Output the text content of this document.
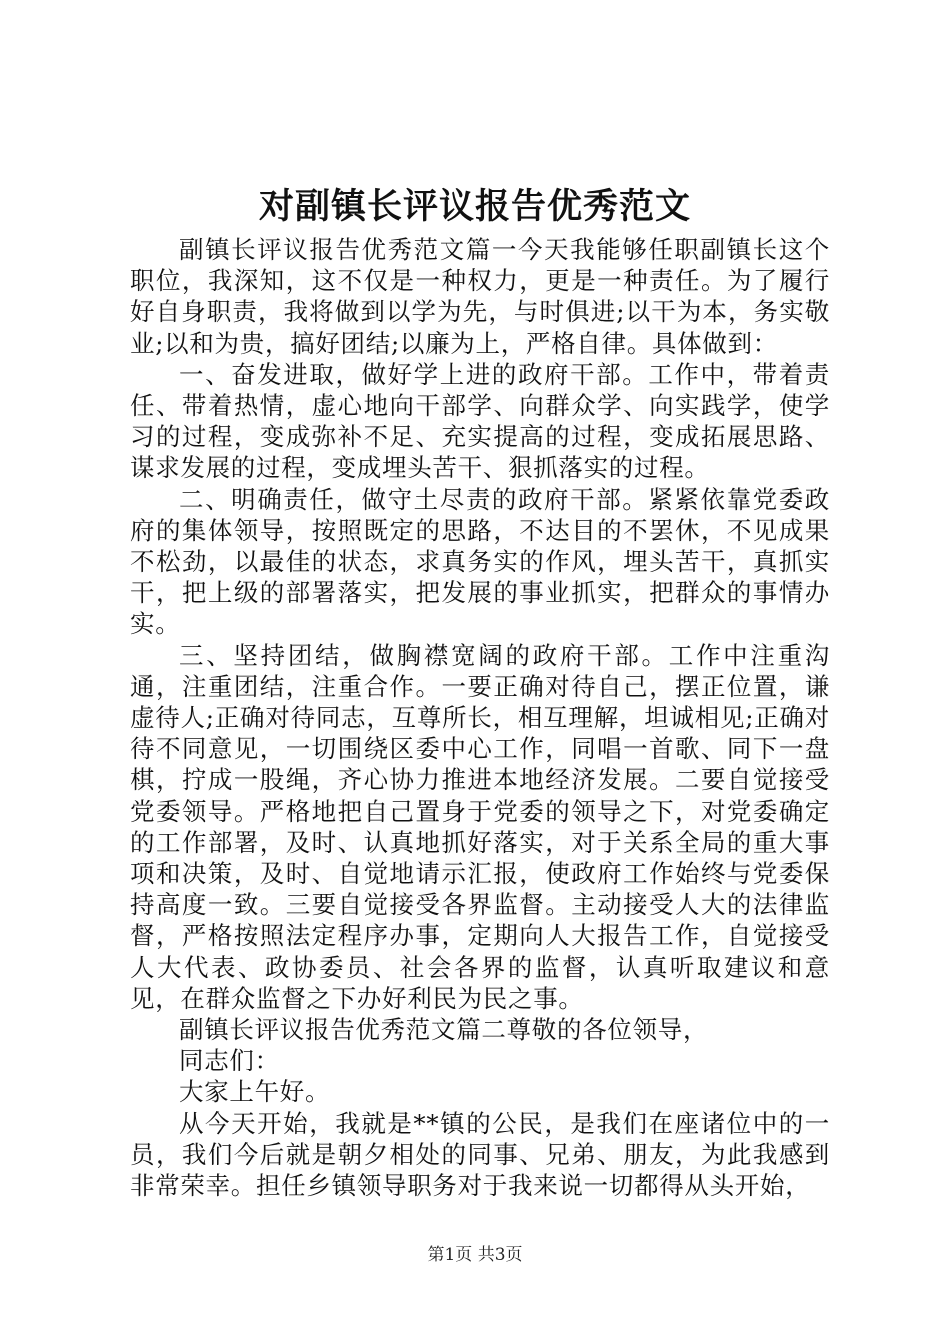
对副镇长评议报告优秀范文

副镇长评议报告优秀范文篇一今天我能够任职副镇长这个职位，我深知，这不仅是一种权力，更是一种责任。为了履行好自身职责，我将做到以学为先，与时俱进;以干为本，务实敬业;以和为贵，搞好团结;以廉为上，严格自律。具体做到：

一、奋发进取，做好学上进的政府干部。工作中，带着责任、带着热情，虚心地向干部学、向群众学、向实践学，使学习的过程，变成弥补不足、充实提高的过程，变成拓展思路、谋求发展的过程，变成埋头苦干、狠抓落实的过程。

二、明确责任，做守土尽责的政府干部。紧紧依靠党委政府的集体领导，按照既定的思路，不达目的不罢休，不见成果不松劲，以最佳的状态，求真务实的作风，埋头苦干，真抓实干，把上级的部署落实，把发展的事业抓实，把群众的事情办实。

三、坚持团结，做胸襟宽阔的政府干部。工作中注重沟通，注重团结，注重合作。一要正确对待自己，摆正位置，谦虚待人;正确对待同志，互尊所长，相互理解，坦诚相见;正确对待不同意见，一切围绕区委中心工作，同唱一首歌、同下一盘棋，拧成一股绳，齐心协力推进本地经济发展。二要自觉接受党委领导。严格地把自己置身于党委的领导之下，对党委确定的工作部署，及时、认真地抓好落实，对于关系全局的重大事项和决策，及时、自觉地请示汇报，使政府工作始终与党委保持高度一致。三要自觉接受各界监督。主动接受人大的法律监督，严格按照法定程序办事，定期向人大报告工作，自觉接受人大代表、政协委员、社会各界的监督，认真听取建议和意见，在群众监督之下办好利民为民之事。

副镇长评议报告优秀范文篇二尊敬的各位领导，

同志们：

大家上午好。

从今天开始，我就是**镇的公民，是我们在座诸位中的一员，我们今后就是朝夕相处的同事、兄弟、朋友，为此我感到非常荣幸。担任乡镇领导职务对于我来说一切都得从头开始，

第1页 共3页
